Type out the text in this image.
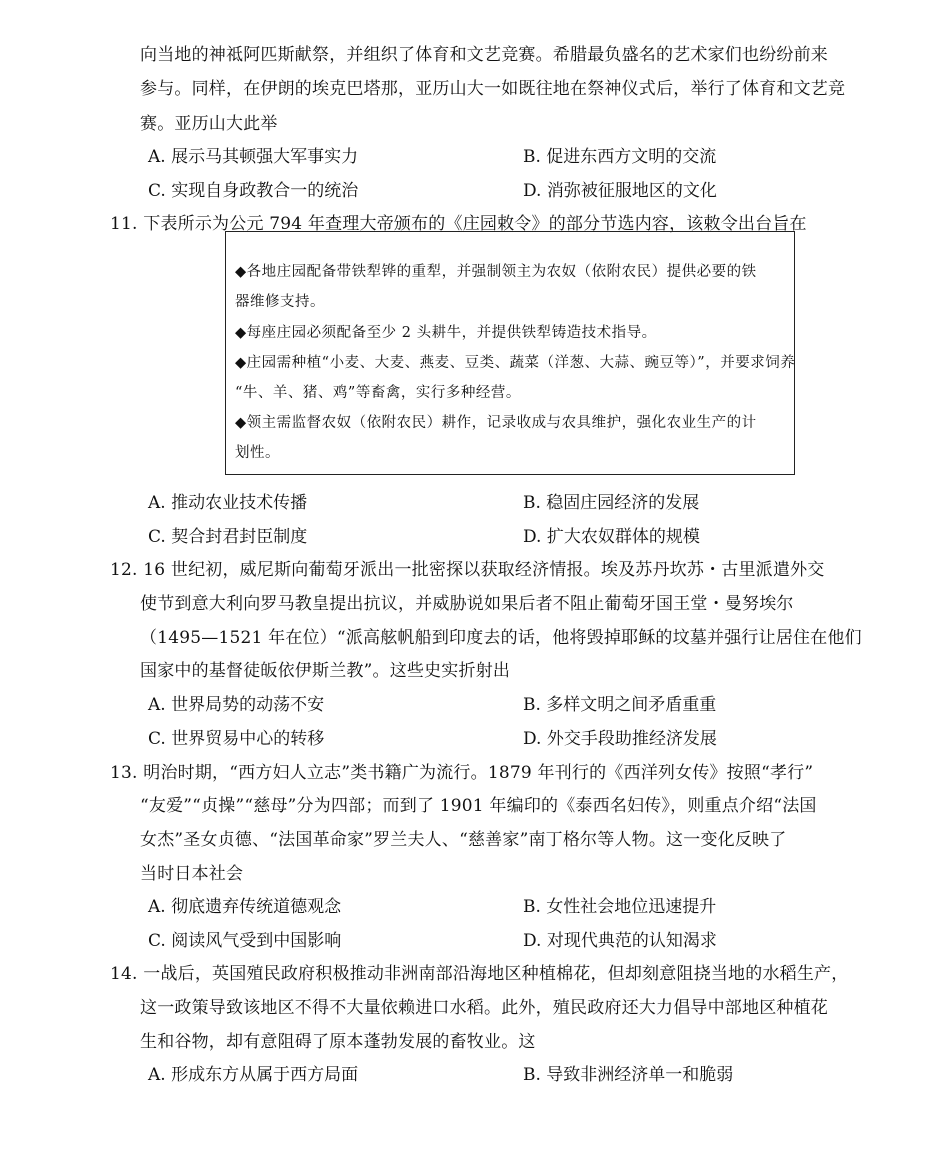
向当地的神祗阿匹斯献祭，并组织了体育和文艺竞赛。希腊最负盛名的艺术家们也纷纷前来
参与。同样，在伊朗的埃克巴塔那，亚历山大一如既往地在祭神仪式后，举行了体育和文艺竞
赛。亚历山大此举
A. 展示马其顿强大军事实力	B. 促进东西方文明的交流
C. 实现自身政教合一的统治	D. 消弥被征服地区的文化
11. 下表所示为公元 794 年查理大帝颁布的《庄园敕令》的部分节选内容，该敕令出台旨在
◆各地庄园配备带铁犁铧的重犁，并强制领主为农奴（依附农民）提供必要的铁
器维修支持。
◆每座庄园必须配备至少 2 头耕牛，并提供铁犁铸造技术指导。
◆庄园需种植“小麦、大麦、燕麦、豆类、蔬菜（洋葱、大蒜、豌豆等）”，并要求饲养
“牛、羊、猪、鸡”等畜禽，实行多种经营。
◆领主需监督农奴（依附农民）耕作，记录收成与农具维护，强化农业生产的计
划性。
A. 推动农业技术传播	B. 稳固庄园经济的发展
C. 契合封君封臣制度	D. 扩大农奴群体的规模
12. 16 世纪初，威尼斯向葡萄牙派出一批密探以获取经济情报。埃及苏丹坎苏・古里派遣外交
使节到意大利向罗马教皇提出抗议，并威胁说如果后者不阻止葡萄牙国王堂・曼努埃尔
（1495—1521 年在位）“派高舷帆船到印度去的话，他将毁掉耶稣的坟墓并强行让居住在他们
国家中的基督徒皈依伊斯兰教”。这些史实折射出
A. 世界局势的动荡不安	B. 多样文明之间矛盾重重
C. 世界贸易中心的转移	D. 外交手段助推经济发展
13. 明治时期，“西方妇人立志”类书籍广为流行。1879 年刊行的《西洋列女传》按照“孝行”
“友爱”“贞操”“慈母”分为四部；而到了 1901 年编印的《泰西名妇传》，则重点介绍“法国
女杰”圣女贞德、“法国革命家”罗兰夫人、“慈善家”南丁格尔等人物。这一变化反映了
当时日本社会
A. 彻底遗弃传统道德观念	B. 女性社会地位迅速提升
C. 阅读风气受到中国影响	D. 对现代典范的认知渴求
14. 一战后，英国殖民政府积极推动非洲南部沿海地区种植棉花，但却刻意阻挠当地的水稻生产，
这一政策导致该地区不得不大量依赖进口水稻。此外，殖民政府还大力倡导中部地区种植花
生和谷物，却有意阻碍了原本蓬勃发展的畜牧业。这
A. 形成东方从属于西方局面	B. 导致非洲经济单一和脆弱
